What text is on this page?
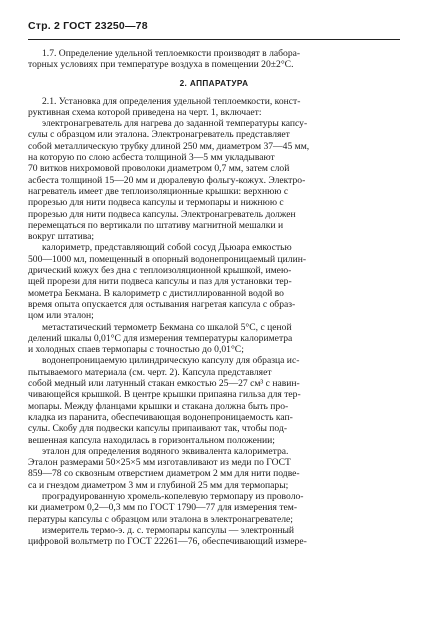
Стр. 2 ГОСТ 23250—78

1.7. Определение удельной теплоемкости производят в лабора-

торных условиях при температуре воздуха в помещении 20±2°С.

2. АППАРАТУРА

2.1. Установка для определения удельной теплоемкости, конст-

руктивная схема которой приведена на черт. 1, включает:

электронагреватель для нагрева до заданной температуры капсу-

сулы с образцом или эталона. Электронагреватель представляет

собой металлическую трубку длиной 250 мм, диаметром 37—45 мм,

на которую по слою асбеста толщиной 3—5 мм укладывают

70 витков нихромовой проволоки диаметром 0,7 мм, затем слой

асбеста толщиной 15—20 мм и дюралевую фольгу-кожух. Электро-

нагреватель имеет две теплоизоляционные крышки: верхнюю с

прорезью для нити подвеса капсулы и термопары и нижнюю с

прорезью для нити подвеса капсулы. Электронагреватель должен

перемещаться по вертикали по штативу магнитной мешалки и

вокруг штатива;

калориметр, представляющий собой сосуд Дьюара емкостью

500—1000 мл, помещенный в опорный водонепроницаемый цилин-

дрический кожух без дна с теплоизоляционной крышкой, имею-

щей прорези для нити подвеса капсулы и паз для установки тер-

мометра Бекмана. В калориметр с дистиллированной водой во

время опыта опускается для остывания нагретая капсула с образ-

цом или эталон;

метастатический термометр Бекмана со шкалой 5°С, с ценой

делений шкалы 0,01°С для измерения температуры калориметра

и холодных спаев термопары с точностью до 0,01°С;

водонепроницаемую цилиндрическую капсулу для образца ис-

пытываемого материала (см. черт. 2). Капсула представляет

собой медный или латунный стакан емкостью 25—27 см³ с навин-

чивающейся крышкой. В центре крышки припаяна гильза для тер-

мопары. Между фланцами крышки и стакана должна быть про-

кладка из паранита, обеспечивающая водонепроницаемость кап-

сулы. Скобу для подвески капсулы припаивают так, чтобы под-

вешенная капсула находилась в горизонтальном положении;

эталон для определения водяного эквивалента калориметра.

Эталон размерами 50×25×5 мм изготавливают из меди по ГОСТ

859—78 со сквозным отверстием диаметром 2 мм для нити подве-

са и гнездом диаметром 3 мм и глубиной 25 мм для термопары;

проградуированную хромель-копелевую термопару из проволо-

ки диаметром 0,2—0,3 мм по ГОСТ 1790—77 для измерения тем-

пературы капсулы с образцом или эталона в электронагревателе;

измеритель термо-э. д. с. термопары капсулы — электронный

цифровой вольтметр по ГОСТ 22261—76, обеспечивающий измере-
